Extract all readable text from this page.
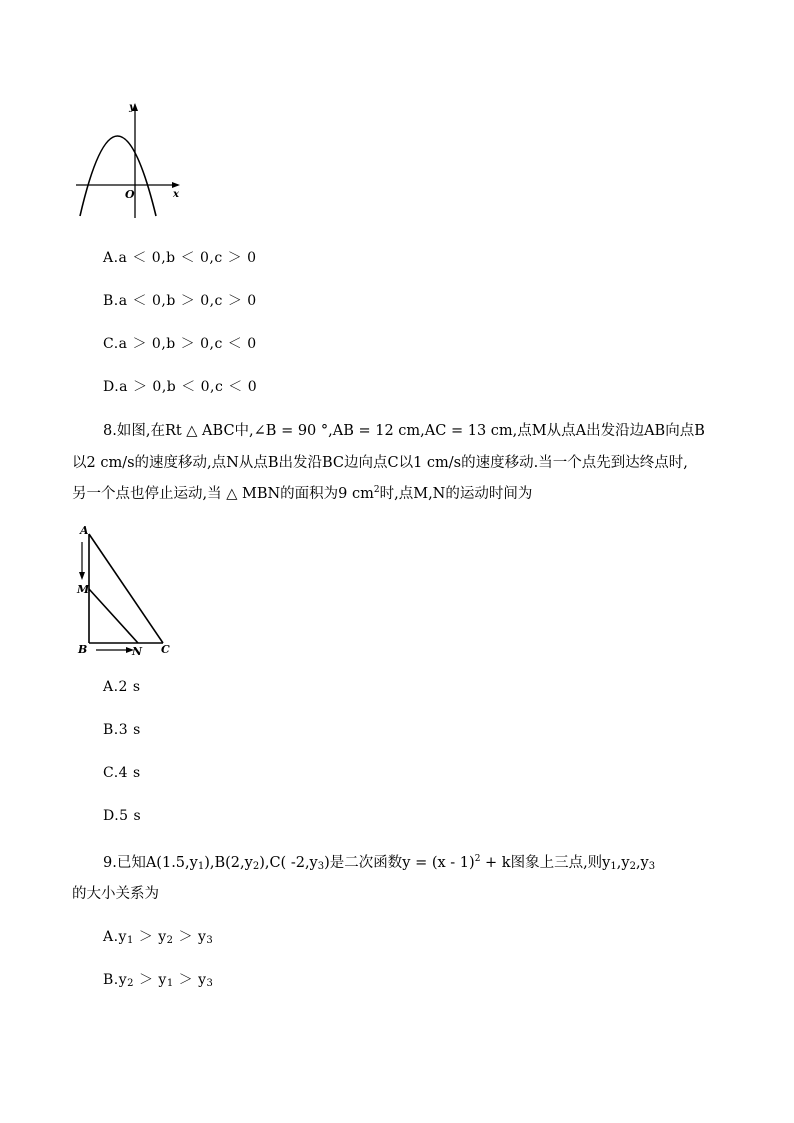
y
x
O
A.a ＜ 0,b ＜ 0,c ＞ 0
B.a ＜ 0,b ＞ 0,c ＞ 0
C.a ＞ 0,b ＞ 0,c ＜ 0
D.a ＞ 0,b ＜ 0,c ＜ 0
8.如图,在Rt △ ABC中,∠B = 90 °,AB = 12 cm,AC = 13 cm,点M从点A出发沿边AB向点B
以2 cm/s的速度移动,点N从点B出发沿BC边向点C以1 cm/s的速度移动.当一个点先到达终点时,
另一个点也停止运动,当 △ MBN的面积为9 $cm^2$时,点M,N的运动时间为
A
M
B	N C
A.2 s
B.3 s
C.4 s
D.5 s
9.已知$A(1.5,y_1),B(2,y_2),C$( $-2,y_3$)是二次函数y = (x - 1)$^2$ + k图象上三点,则$y_1,y_2,y_3$
的大小关系为
$A.y_1 > y_2 > y_3$
$B.y_2 > y_1 > y_3$
